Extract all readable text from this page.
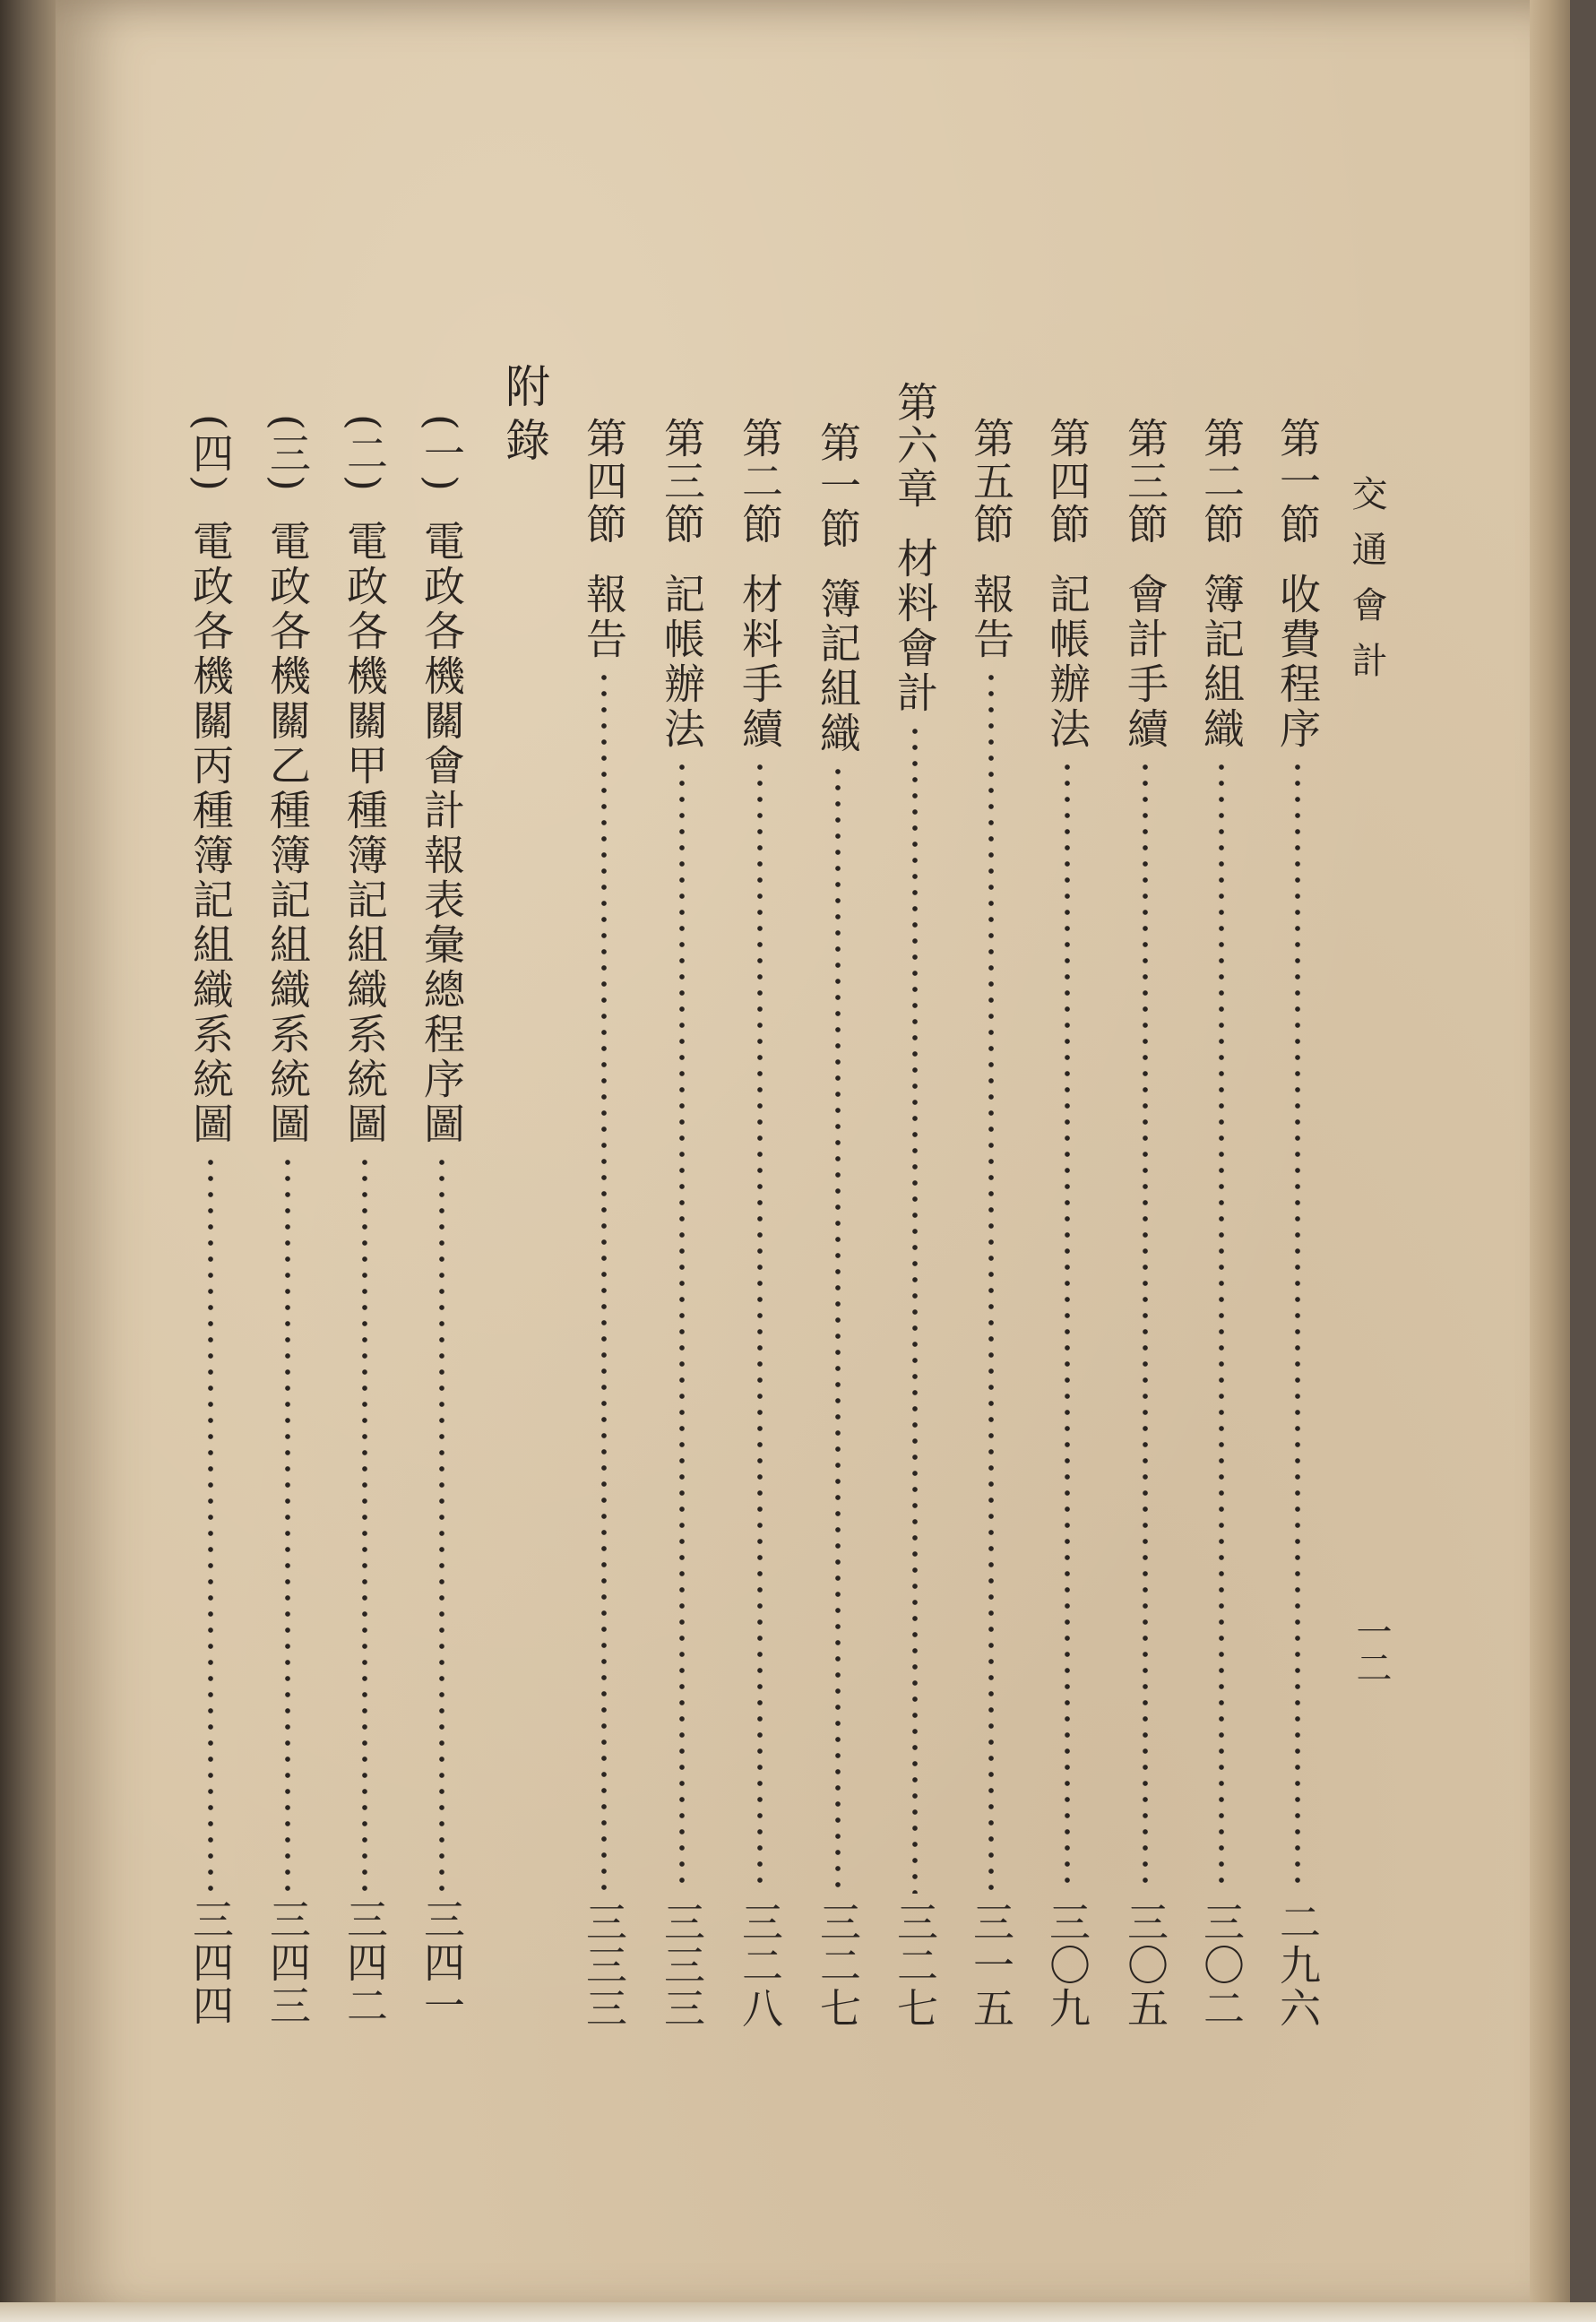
交通會計
一二
第一節
收費程序
二九六
第二節
簿記組織
三〇二
第三節
會計手續
三〇五
第四節
記帳辦法
三〇九
第五節
報告
三一五
第六章
材料會計
三二七
第一節
簿記組織
三二七
第二節
材料手續
三二八
第三節
記帳辦法
三三三
第四節
報告
三三三
附錄
(一)
電政各機關會計報表彙總程序圖
三四一
(二)
電政各機關甲種簿記組織系統圖
三四二
(三)
電政各機關乙種簿記組織系統圖
三四三
(四)
電政各機關丙種簿記組織系統圖
三四四
